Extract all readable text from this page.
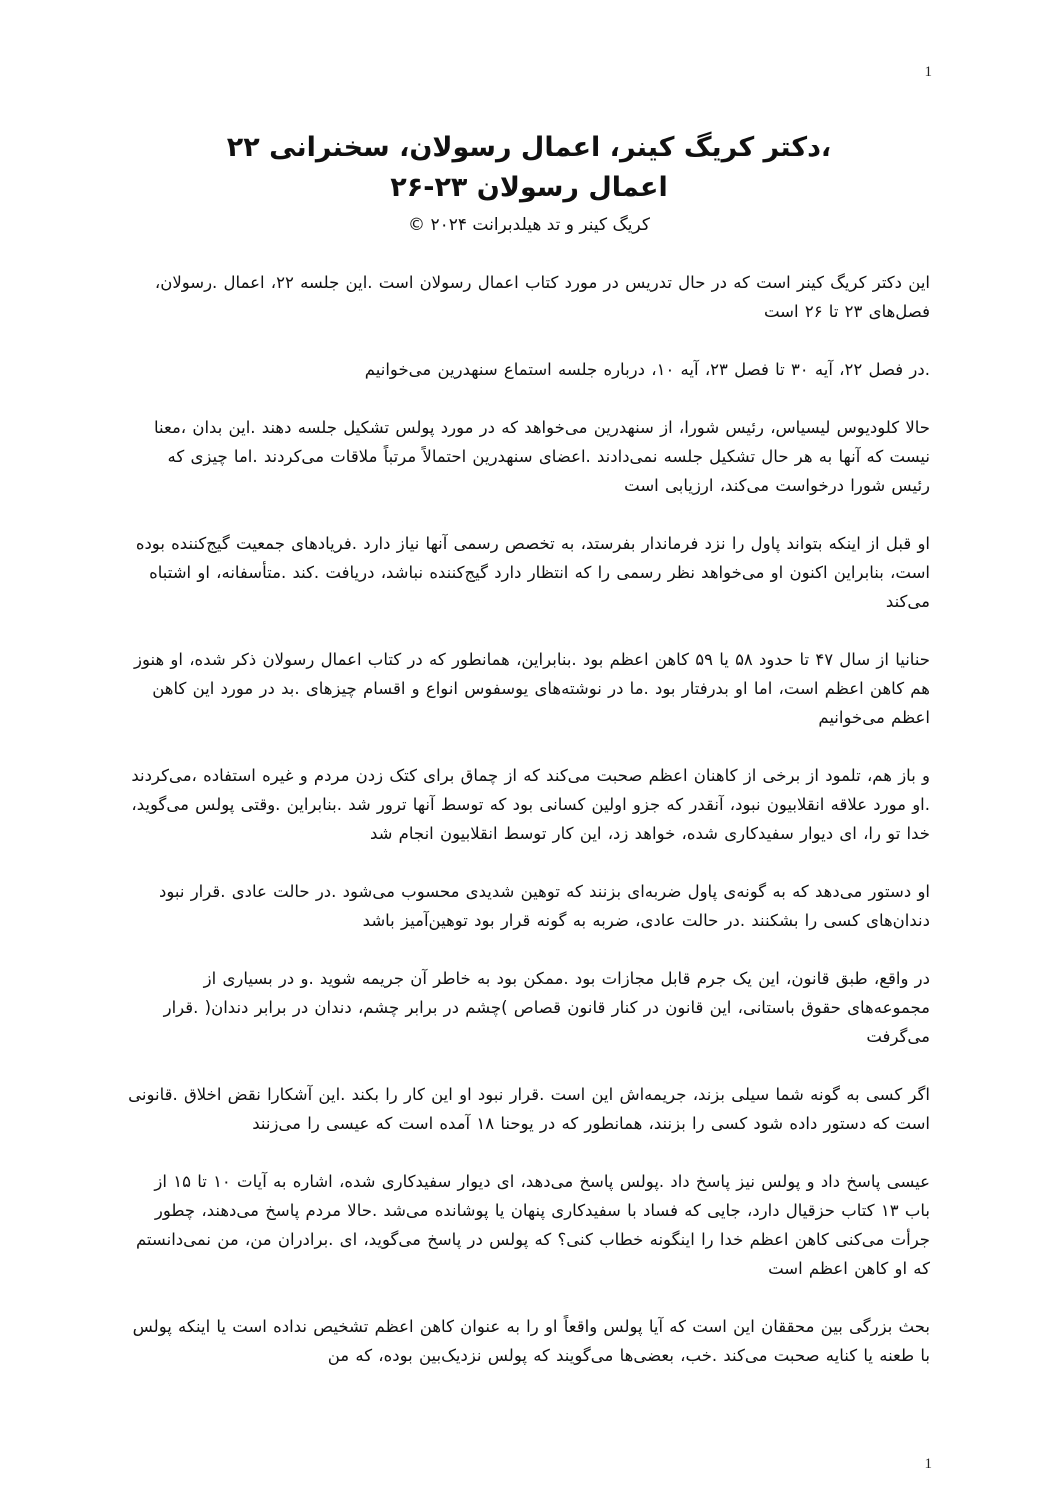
1
،دکتر کریگ کینر، اعمال رسولان، سخنرانی ۲۲
اعمال رسولان ۲۳-۲۶
کریگ کینر و تد هیلدبرانت ۲۰۲۴ ©

این دکتر کریگ کینر است که در حال تدریس در مورد کتاب اعمال رسولان است .این جلسه ۲۲، اعمال .رسولان، فصل‌های ۲۳ تا ۲۶ است

.در فصل ۲۲، آیه ۳۰ تا فصل ۲۳، آیه ۱۰، درباره جلسه استماع سنهدرین می‌خوانیم

حالا کلودیوس لیسیاس، رئیس شورا، از سنهدرین می‌خواهد که در مورد پولس تشکیل جلسه دهند .این بدان ،معنا نیست که آنها به هر حال تشکیل جلسه نمی‌دادند .اعضای سنهدرین احتمالاً مرتباً ملاقات می‌کردند .اما چیزی که رئیس شورا درخواست می‌کند، ارزیابی است

او قبل از اینکه بتواند پاول را نزد فرماندار بفرستد، به تخصص رسمی آنها نیاز دارد .فریادهای جمعیت گیج‌کننده بوده است، بنابراین اکنون او می‌خواهد نظر رسمی را که انتظار دارد گیج‌کننده نباشد، دریافت .کند .متأسفانه، او اشتباه می‌کند

حنانیا از سال ۴۷ تا حدود ۵۸ یا ۵۹ کاهن اعظم بود .بنابراین، همانطور که در کتاب اعمال رسولان ذکر شده، او هنوز هم کاهن اعظم است، اما او بدرفتار بود .ما در نوشته‌های یوسفوس انواع و اقسام چیزهای .بد در مورد این کاهن اعظم می‌خوانیم

و باز هم، تلمود از برخی از کاهنان اعظم صحبت می‌کند که از چماق برای کتک زدن مردم و غیره استفاده ،می‌کردند .او مورد علاقه انقلابیون نبود، آنقدر که جزو اولین کسانی بود که توسط آنها ترور شد .بنابراین .وقتی پولس می‌گوید، خدا تو را، ای دیوار سفیدکاری شده، خواهد زد، این کار توسط انقلابیون انجام شد

او دستور می‌دهد که به گونه‌ی پاول ضربه‌ای بزنند که توهین شدیدی محسوب می‌شود .در حالت عادی .قرار نبود دندان‌های کسی را بشکنند .در حالت عادی، ضربه به گونه قرار بود توهین‌آمیز باشد

در واقع، طبق قانون، این یک جرم قابل مجازات بود .ممکن بود به خاطر آن جریمه شوید .و در بسیاری از مجموعه‌های حقوق باستانی، این قانون در کنار قانون قصاص )چشم در برابر چشم، دندان در برابر دندان( .قرار می‌گرفت

اگر کسی به گونه شما سیلی بزند، جریمه‌اش این است .قرار نبود او این کار را بکند .این آشکارا نقض اخلاق .قانونی است که دستور داده شود کسی را بزنند، همانطور که در یوحنا ۱۸ آمده است که عیسی را می‌زنند

عیسی پاسخ داد و پولس نیز پاسخ داد .پولس پاسخ می‌دهد، ای دیوار سفیدکاری شده، اشاره به آیات ۱۰ تا ۱۵ از باب ۱۳ کتاب حزقیال دارد، جایی که فساد با سفیدکاری پنهان یا پوشانده می‌شد .حالا مردم پاسخ می‌دهند، چطور جرأت می‌کنی کاهن اعظم خدا را اینگونه خطاب کنی؟ که پولس در پاسخ می‌گوید، ای .برادران من، من نمی‌دانستم که او کاهن اعظم است

بحث بزرگی بین محققان این است که آیا پولس واقعاً او را به عنوان کاهن اعظم تشخیص نداده است یا اینکه پولس با طعنه یا کنایه صحبت می‌کند .خب، بعضی‌ها می‌گویند که پولس نزدیک‌بین بوده، که من

1
